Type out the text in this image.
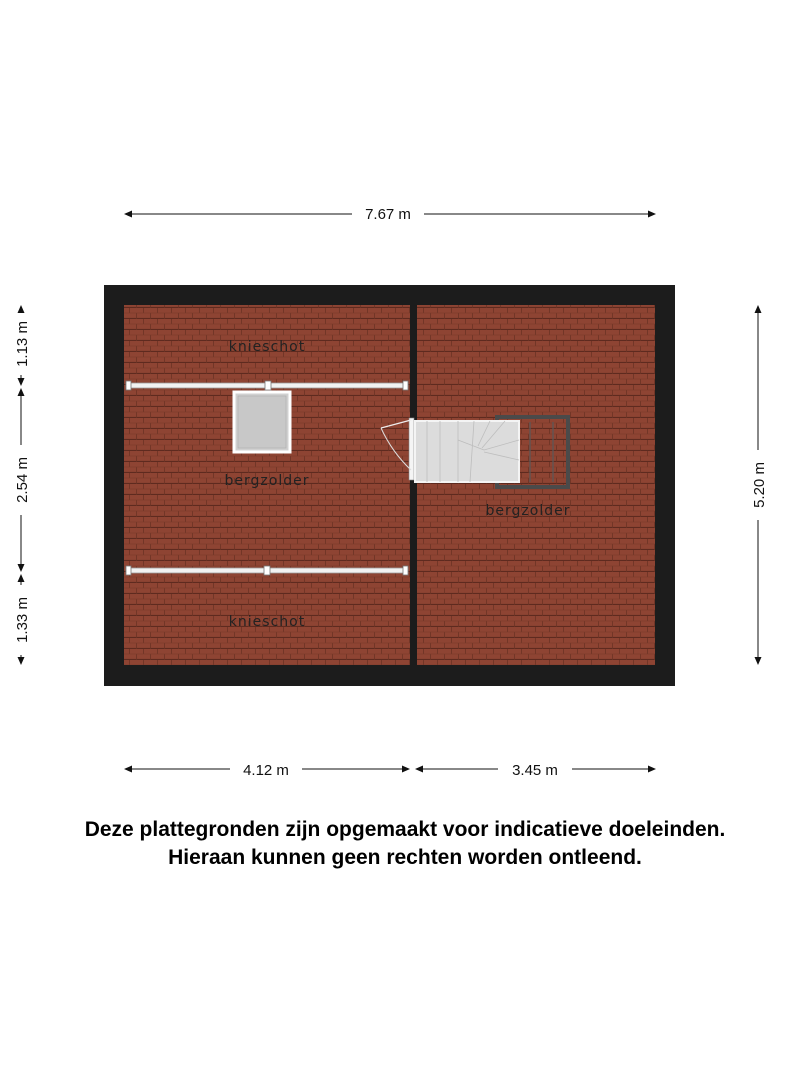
knieschot
bergzolder
bergzolder
knieschot
7.67 m
4.12 m	3.45 m
5.20 m
1.13 m
2.54 m
1.33 m

Deze plattegronden zijn opgemaakt voor indicatieve doeleinden.

Hieraan kunnen geen rechten worden ontleend.
